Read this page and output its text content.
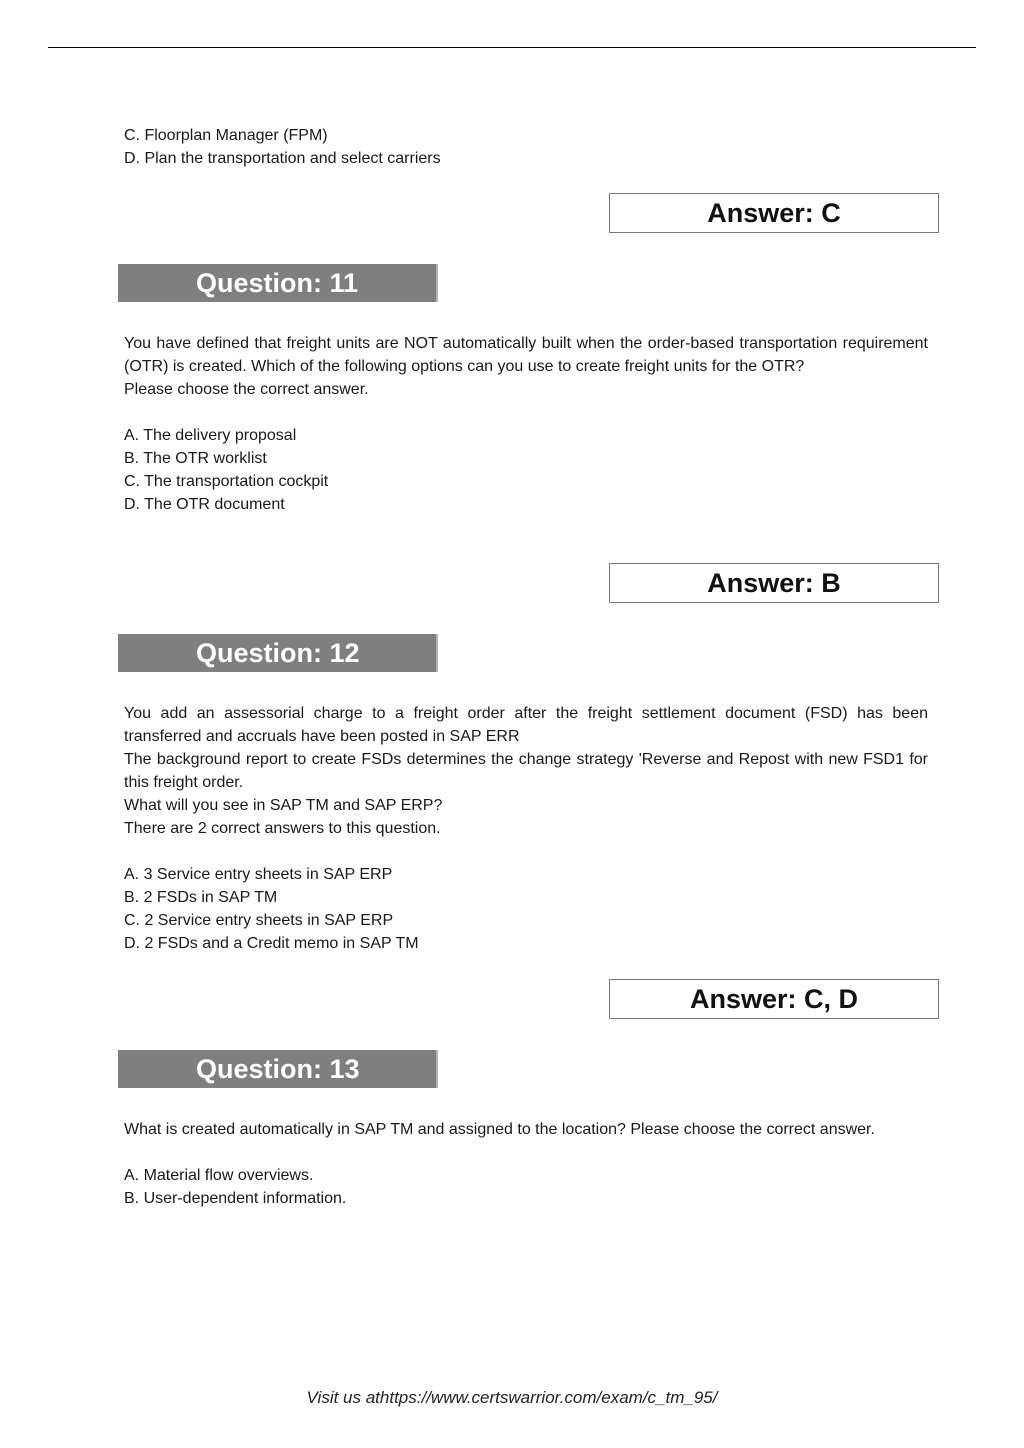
C. Floorplan Manager (FPM)
D. Plan the transportation and select carriers
Answer: C
Question: 11
You have defined that freight units are NOT automatically built when the order-based transportation requirement (OTR) is created. Which of the following options can you use to create freight units for the OTR?
Please choose the correct answer.
A. The delivery proposal
B. The OTR worklist
C. The transportation cockpit
D. The OTR document
Answer: B
Question: 12
You add an assessorial charge to a freight order after the freight settlement document (FSD) has been transferred and accruals have been posted in SAP ERR
The background report to create FSDs determines the change strategy 'Reverse and Repost with new FSD1 for this freight order.
What will you see in SAP TM and SAP ERP?
There are 2 correct answers to this question.
A. 3 Service entry sheets in SAP ERP
B. 2 FSDs in SAP TM
C. 2 Service entry sheets in SAP ERP
D. 2 FSDs and a Credit memo in SAP TM
Answer: C, D
Question: 13
What is created automatically in SAP TM and assigned to the location? Please choose the correct answer.
A. Material flow overviews.
B. User-dependent information.
Visit us athttps://www.certswarrior.com/exam/c_tm_95/
